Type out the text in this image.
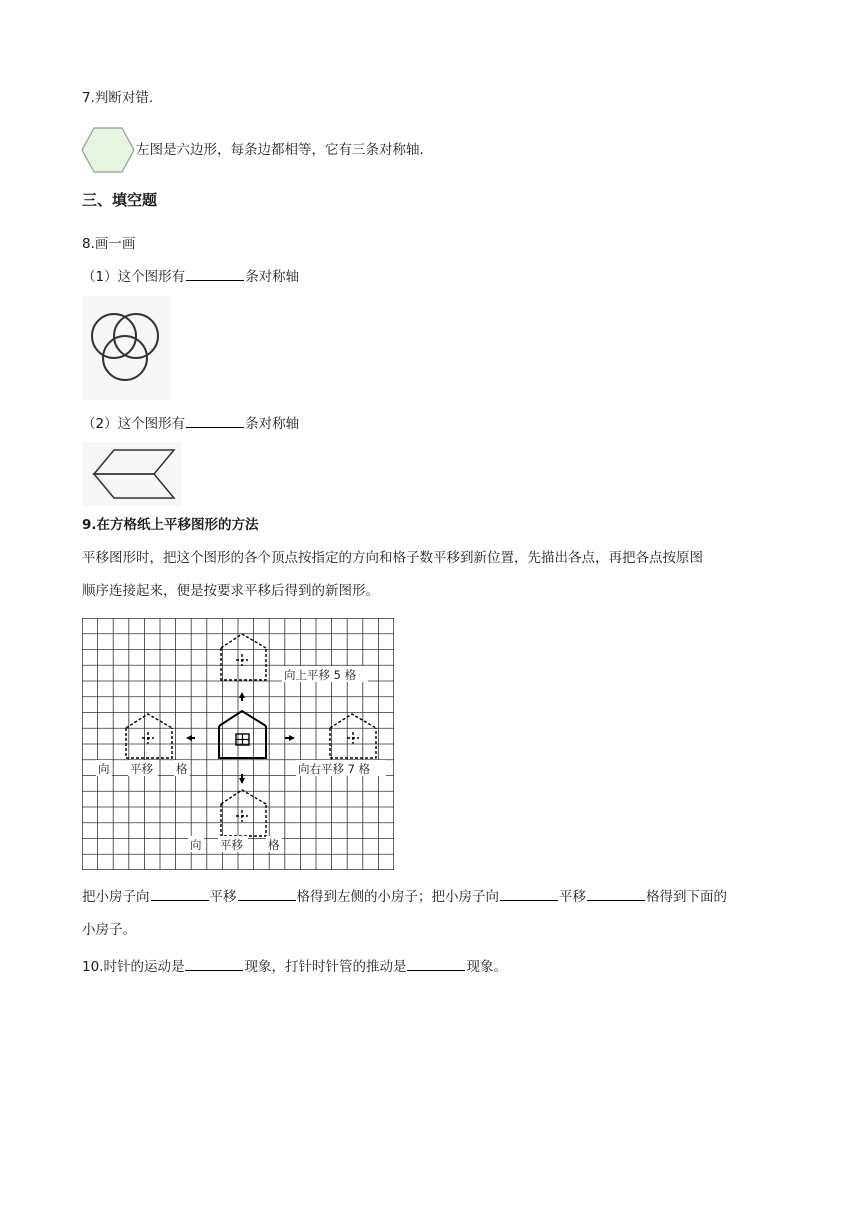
7.判断对错.
左图是六边形，每条边都相等，它有三条对称轴.
三、填空题
8.画一画
（1）这个图形有	条对称轴
（2）这个图形有	条对称轴
9.在方格纸上平移图形的方法
平移图形时，把这个图形的各个顶点按指定的方向和格子数平移到新位置，先描出各点，再把各点按原图
顺序连接起来，便是按要求平移后得到的新图形。
向上平移 5 格
向 平移 格	向右平移 7 格
向 平移 格
把小房子向	平移	格得到左侧的小房子；把小房子向	平移	格得到下面的
小房子。
10.时针的运动是	现象，打针时针管的推动是	现象。
